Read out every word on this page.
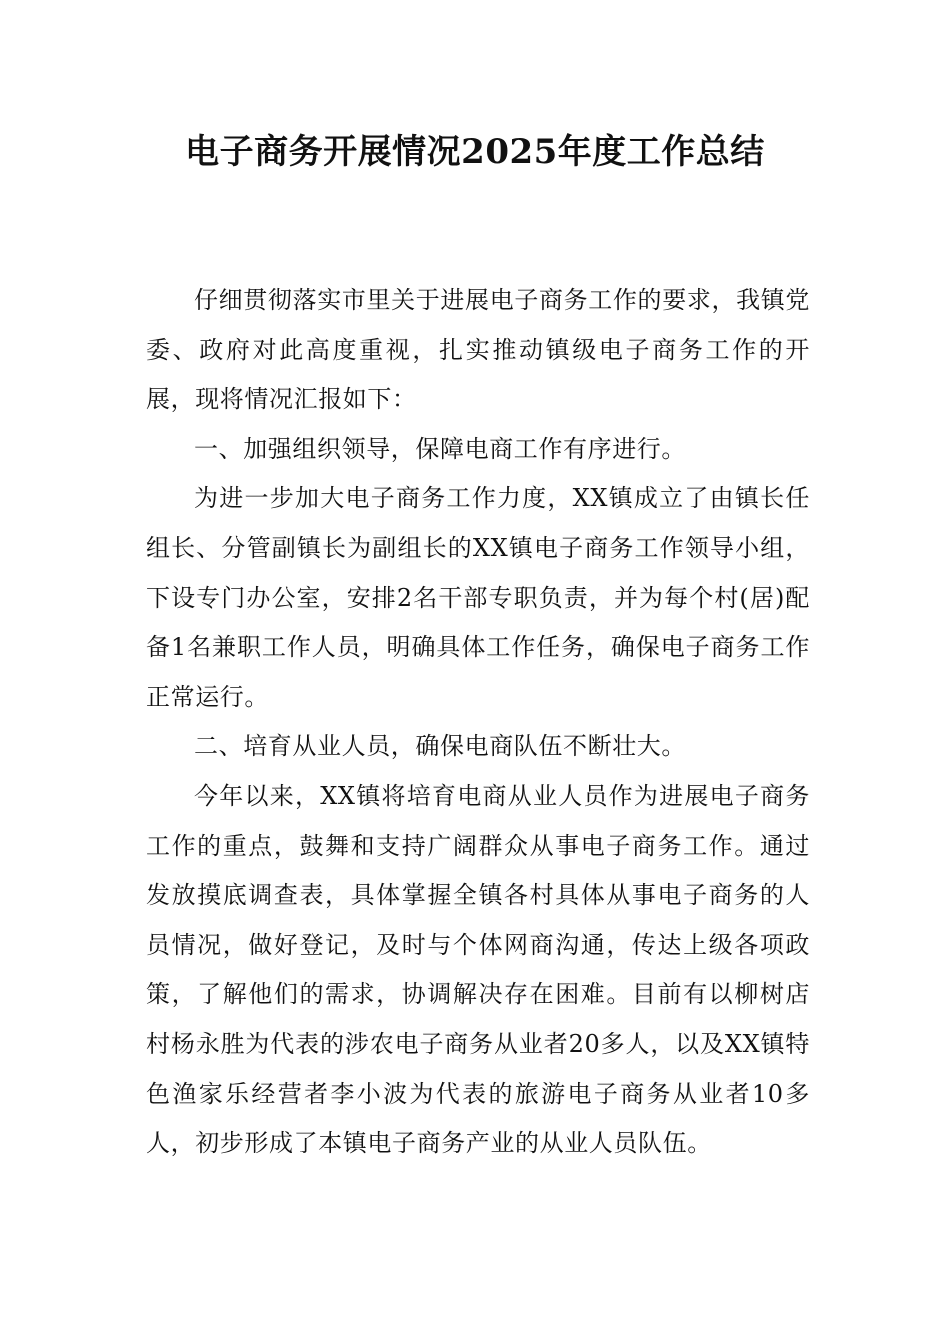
电子商务开展情况2025年度工作总结

仔细贯彻落实市里关于进展电子商务工作的要求，我镇党委、政府对此高度重视，扎实推动镇级电子商务工作的开展，现将情况汇报如下：

一、加强组织领导，保障电商工作有序进行。

为进一步加大电子商务工作力度，XX镇成立了由镇长任组长、分管副镇长为副组长的XX镇电子商务工作领导小组，下设专门办公室，安排2名干部专职负责，并为每个村(居)配备1名兼职工作人员，明确具体工作任务，确保电子商务工作正常运行。

二、培育从业人员，确保电商队伍不断壮大。

今年以来，XX镇将培育电商从业人员作为进展电子商务工作的重点，鼓舞和支持广阔群众从事电子商务工作。通过发放摸底调查表，具体掌握全镇各村具体从事电子商务的人员情况，做好登记，及时与个体网商沟通，传达上级各项政策，了解他们的需求，协调解决存在困难。目前有以柳树店村杨永胜为代表的涉农电子商务从业者20多人，以及XX镇特色渔家乐经营者李小波为代表的旅游电子商务从业者10多人，初步形成了本镇电子商务产业的从业人员队伍。
